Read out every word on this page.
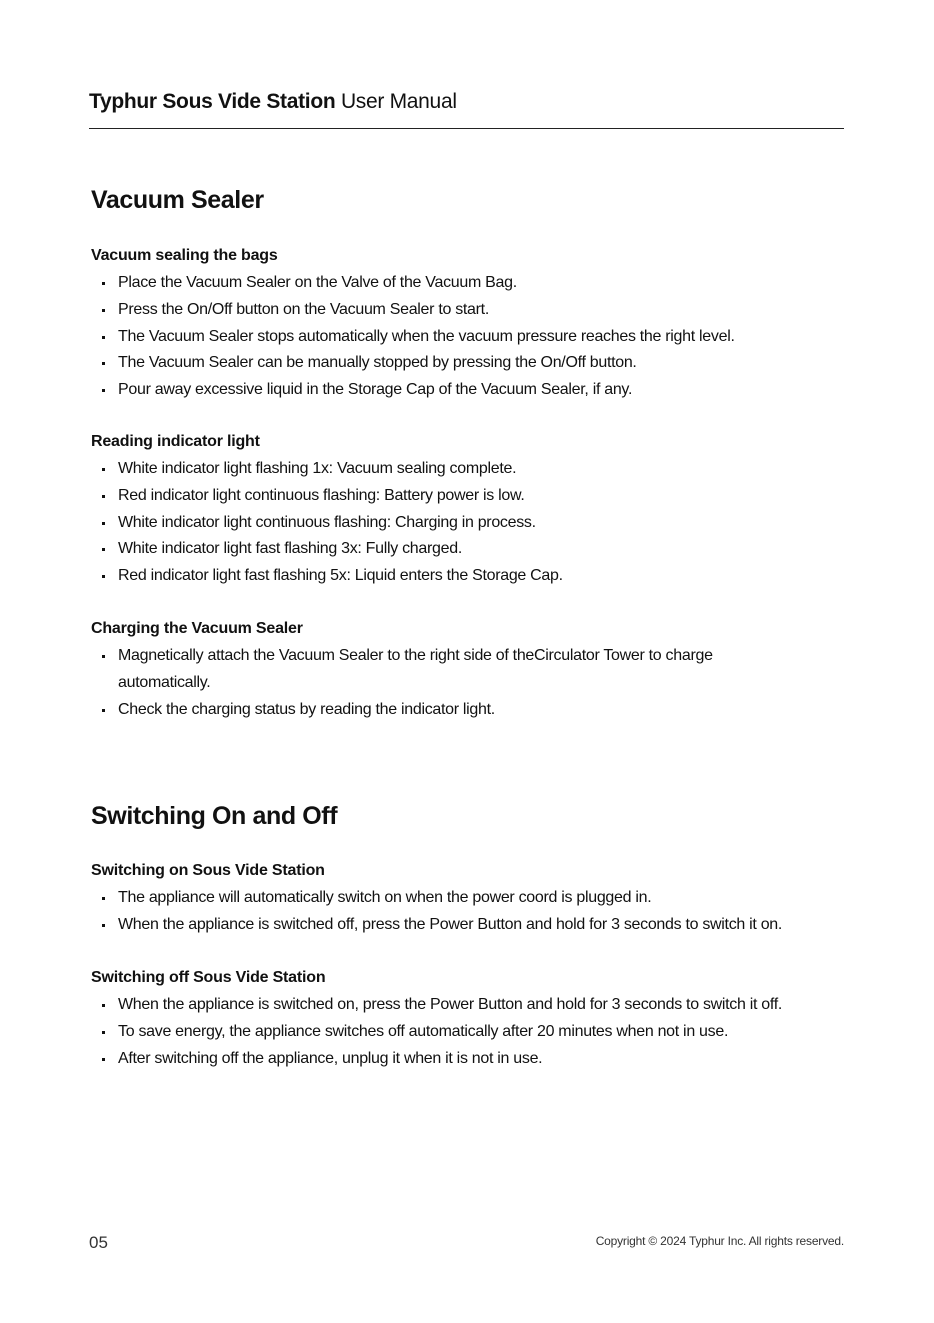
Typhur Sous Vide Station User Manual
Vacuum Sealer
Vacuum sealing the bags
Place the Vacuum Sealer on the Valve of the Vacuum Bag.
Press the On/Off button on the Vacuum Sealer to start.
The Vacuum Sealer stops automatically when the vacuum pressure reaches the right level.
The Vacuum Sealer can be manually stopped by pressing the On/Off button.
Pour away excessive liquid in the Storage Cap of the Vacuum Sealer, if any.
Reading indicator light
White indicator light flashing 1x: Vacuum sealing complete.
Red indicator light continuous flashing: Battery power is low.
White indicator light continuous flashing: Charging in process.
White indicator light fast flashing 3x: Fully charged.
Red indicator light fast flashing 5x: Liquid enters the Storage Cap.
Charging the Vacuum Sealer
Magnetically attach the Vacuum Sealer to the right side of theCirculator Tower to charge automatically.
Check the charging status by reading the indicator light.
Switching On and Off
Switching on Sous Vide Station
The appliance will automatically switch on when the power coord is plugged in.
When the appliance is switched off, press the Power Button and hold for 3 seconds to switch it on.
Switching off Sous Vide Station
When the appliance is switched on, press the Power Button and hold for 3 seconds to switch it off.
To save energy, the appliance switches off automatically after 20 minutes when not in use.
After switching off the appliance, unplug it when it is not in use.
05	Copyright © 2024 Typhur Inc. All rights reserved.
